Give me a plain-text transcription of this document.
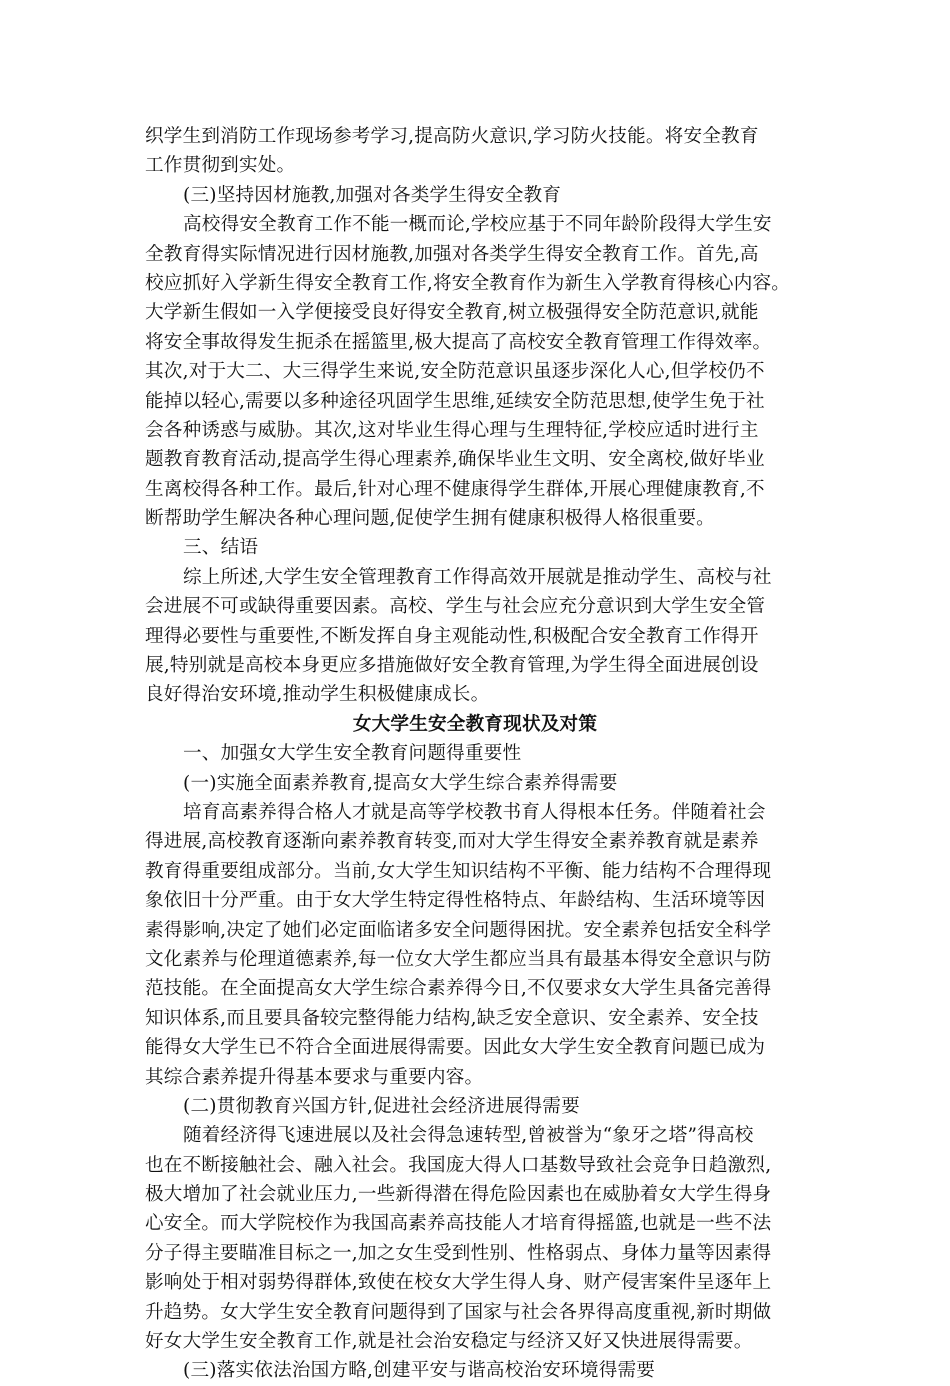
织学生到消防工作现场参考学习,提高防火意识,学习防火技能。将安全教育
工作贯彻到实处。
(三)坚持因材施教,加强对各类学生得安全教育
高校得安全教育工作不能一概而论,学校应基于不同年龄阶段得大学生安
全教育得实际情况进行因材施教,加强对各类学生得安全教育工作。首先,高
校应抓好入学新生得安全教育工作,将安全教育作为新生入学教育得核心内容。
大学新生假如一入学便接受良好得安全教育,树立极强得安全防范意识,就能
将安全事故得发生扼杀在摇篮里,极大提高了高校安全教育管理工作得效率。
其次,对于大二、大三得学生来说,安全防范意识虽逐步深化人心,但学校仍不
能掉以轻心,需要以多种途径巩固学生思维,延续安全防范思想,使学生免于社
会各种诱惑与威胁。其次,这对毕业生得心理与生理特征,学校应适时进行主
题教育教育活动,提高学生得心理素养,确保毕业生文明、安全离校,做好毕业
生离校得各种工作。最后,针对心理不健康得学生群体,开展心理健康教育,不
断帮助学生解决各种心理问题,促使学生拥有健康积极得人格很重要。
三、结语
综上所述,大学生安全管理教育工作得高效开展就是推动学生、高校与社
会进展不可或缺得重要因素。高校、学生与社会应充分意识到大学生安全管
理得必要性与重要性,不断发挥自身主观能动性,积极配合安全教育工作得开
展,特别就是高校本身更应多措施做好安全教育管理,为学生得全面进展创设
良好得治安环境,推动学生积极健康成长。
女大学生安全教育现状及对策
一、加强女大学生安全教育问题得重要性
(一)实施全面素养教育,提高女大学生综合素养得需要
培育高素养得合格人才就是高等学校教书育人得根本任务。伴随着社会
得进展,高校教育逐渐向素养教育转变,而对大学生得安全素养教育就是素养
教育得重要组成部分。当前,女大学生知识结构不平衡、能力结构不合理得现
象依旧十分严重。由于女大学生特定得性格特点、年龄结构、生活环境等因
素得影响,决定了她们必定面临诸多安全问题得困扰。安全素养包括安全科学
文化素养与伦理道德素养,每一位女大学生都应当具有最基本得安全意识与防
范技能。在全面提高女大学生综合素养得今日,不仅要求女大学生具备完善得
知识体系,而且要具备较完整得能力结构,缺乏安全意识、安全素养、安全技
能得女大学生已不符合全面进展得需要。因此女大学生安全教育问题已成为
其综合素养提升得基本要求与重要内容。
(二)贯彻教育兴国方针,促进社会经济进展得需要
随着经济得飞速进展以及社会得急速转型,曾被誉为“象牙之塔”得高校
也在不断接触社会、融入社会。我国庞大得人口基数导致社会竞争日趋激烈,
极大增加了社会就业压力,一些新得潜在得危险因素也在威胁着女大学生得身
心安全。而大学院校作为我国高素养高技能人才培育得摇篮,也就是一些不法
分子得主要瞄准目标之一,加之女生受到性别、性格弱点、身体力量等因素得
影响处于相对弱势得群体,致使在校女大学生得人身、财产侵害案件呈逐年上
升趋势。女大学生安全教育问题得到了国家与社会各界得高度重视,新时期做
好女大学生安全教育工作,就是社会治安稳定与经济又好又快进展得需要。
(三)落实依法治国方略,创建平安与谐高校治安环境得需要
